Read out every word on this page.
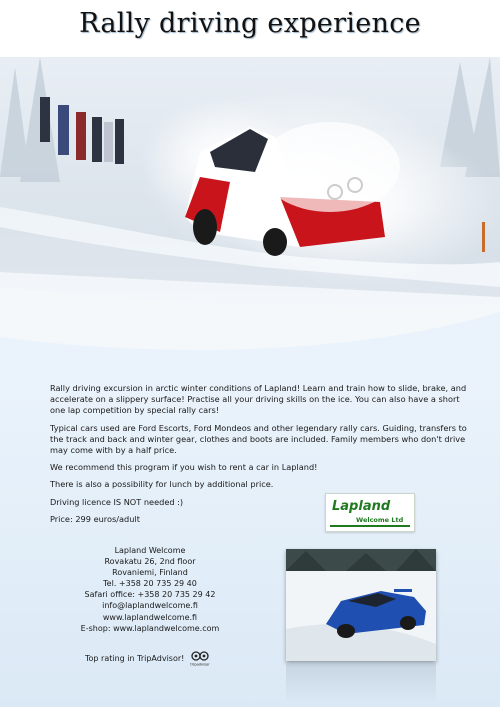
Rally driving experience

Rally driving excursion in arctic winter conditions of Lapland! Learn and train how to slide, brake, and accelerate on a slippery surface! Practise all your driving skills on the ice. You can also have a short one lap competition by special rally cars!

Typical cars used are Ford Escorts, Ford Mondeos and other legendary rally cars. Guiding, transfers to the track and back and winter gear, clothes and boots are included. Family members who don't drive may come with by a half price.

We recommend this program if you wish to rent a car in Lapland!

There is also a possibility for lunch by additional price.

Driving licence IS NOT needed :)

Price: 299 euros/adult

Lapland
Welcome Ltd
Lapland Welcome
Rovakatu 26, 2nd floor
Rovaniemi, Finland
Tel. +358 20 735 29 40
Safari office: +358 20 735 29 42
info@laplandwelcome.fi
www.laplandwelcome.fi
E-shop: www.laplandwelcome.com
Top rating in TripAdvisor!
tripadvisor
